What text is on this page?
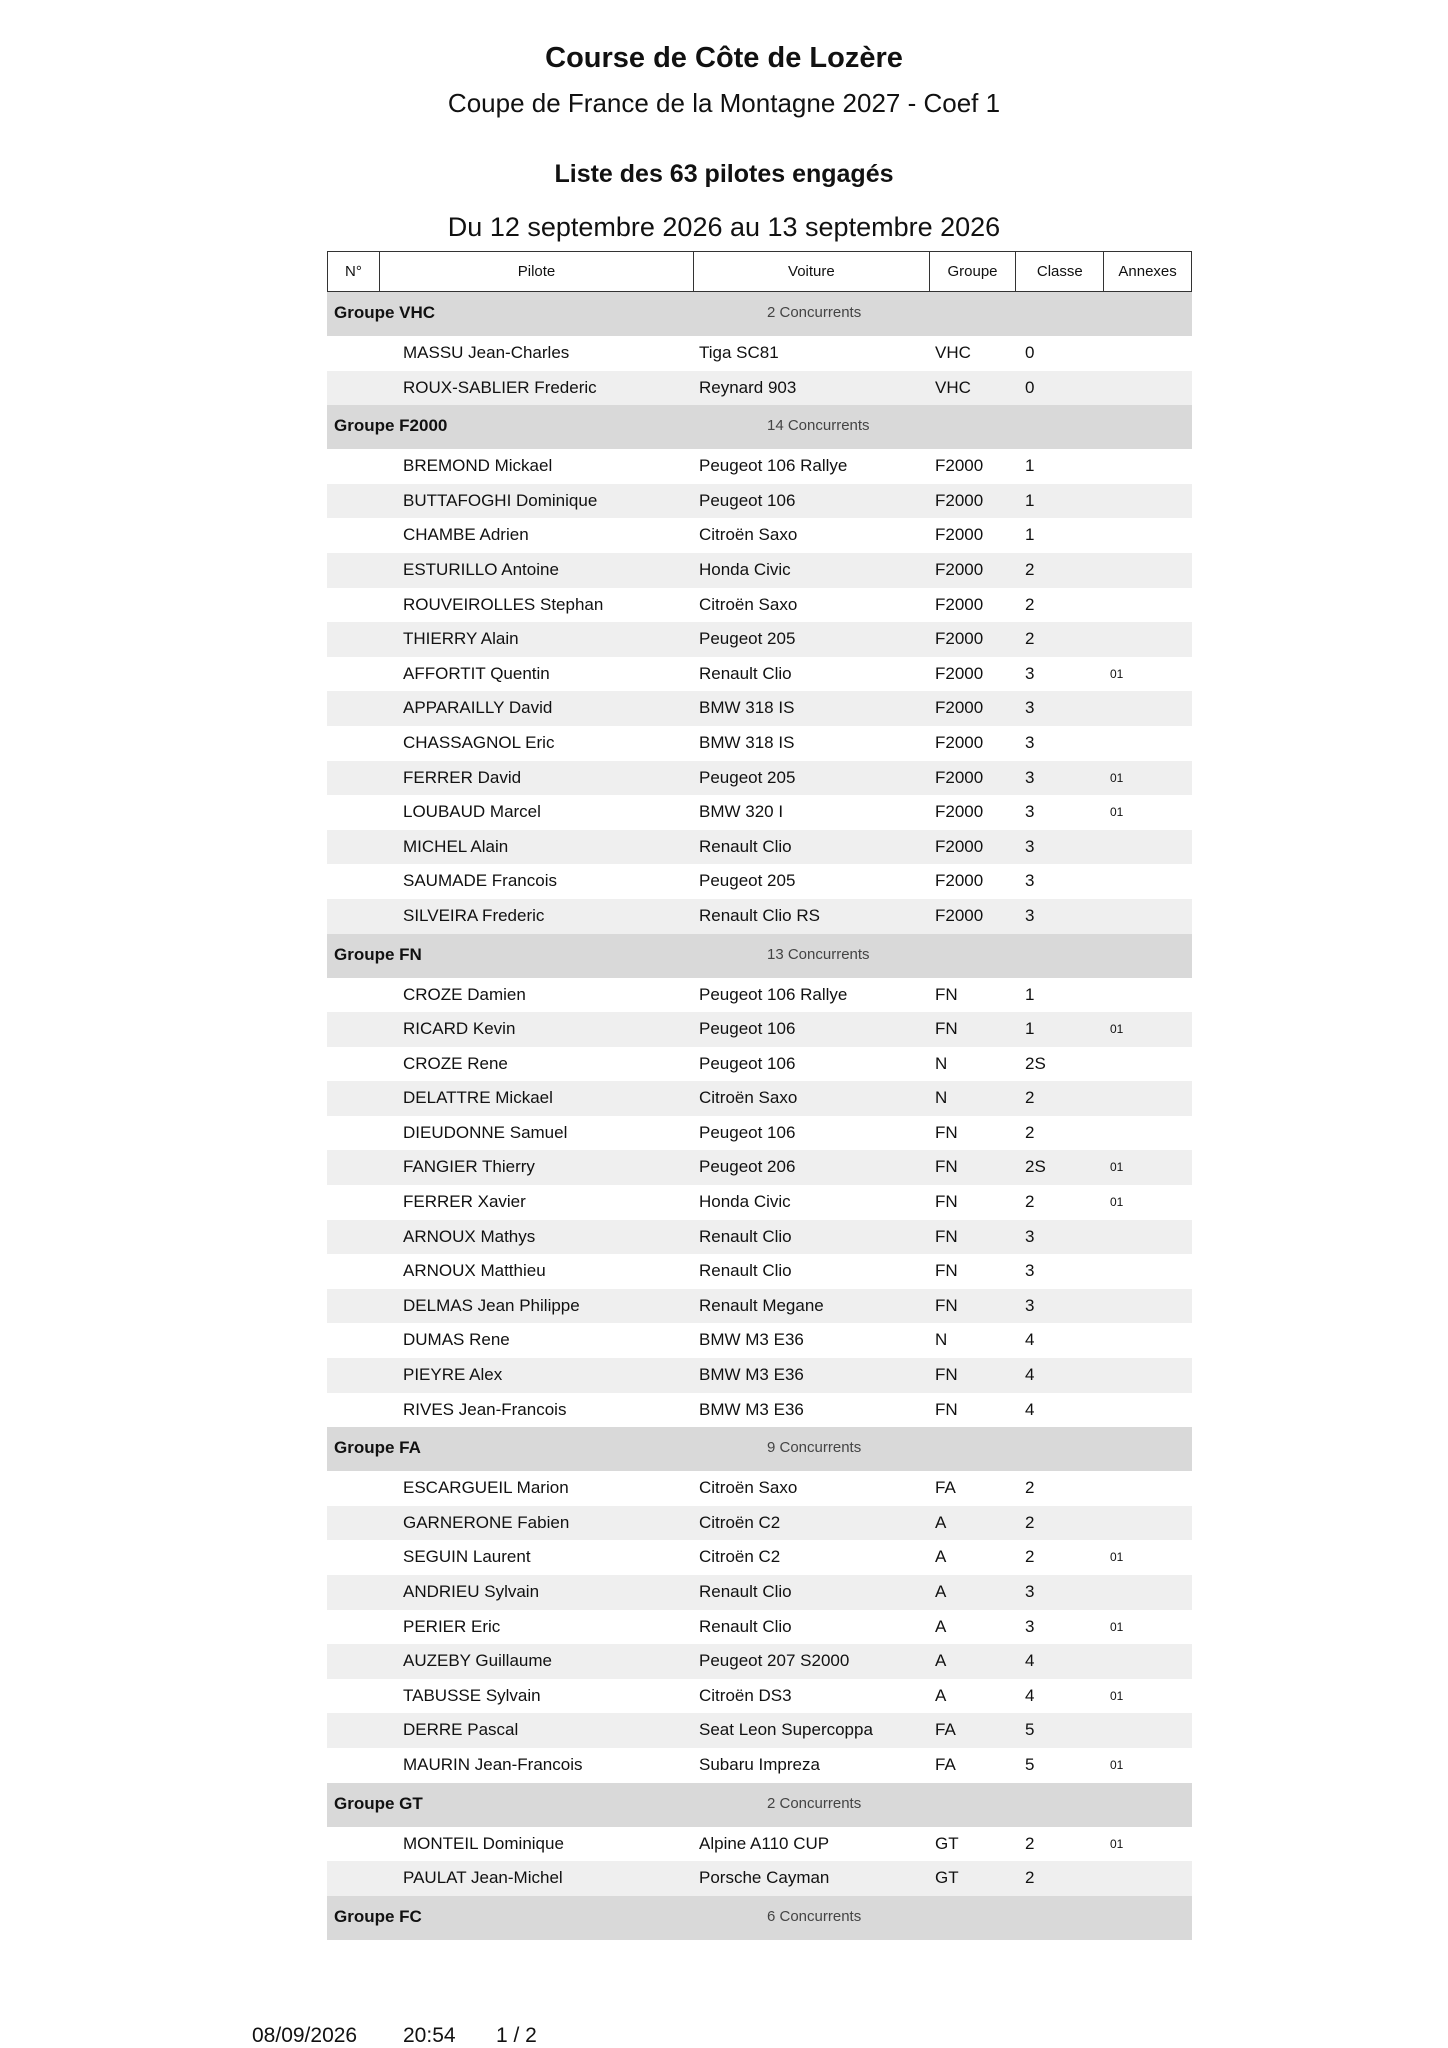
Course de Côte de Lozère
Coupe de France de la Montagne 2027 - Coef 1
Liste des 63 pilotes engagés
Du 12 septembre 2026 au 13 septembre 2026
N°	Pilote	Voiture	Groupe	Classe	Annexes
Groupe VHC	2 Concurrents
MASSU Jean-Charles	Tiga SC81	VHC	0
ROUX-SABLIER Frederic	Reynard 903	VHC	0
Groupe F2000	14 Concurrents
BREMOND Mickael	Peugeot 106 Rallye	F2000 1
BUTTAFOGHI Dominique	Peugeot 106	F2000 1
CHAMBE Adrien	Citroën Saxo	F2000 1
ESTURILLO Antoine	Honda Civic	F2000 2
ROUVEIROLLES Stephan	Citroën Saxo	F2000 2
THIERRY Alain	Peugeot 205	F2000 2
AFFORTIT Quentin	Renault Clio	F2000 3	01
APPARAILLY David	BMW 318 IS	F2000 3
CHASSAGNOL Eric	BMW 318 IS	F2000 3
FERRER David	Peugeot 205	F2000 3	01
LOUBAUD Marcel	BMW 320 I	F2000 3	01
MICHEL Alain	Renault Clio	F2000 3
SAUMADE Francois	Peugeot 205	F2000 3
SILVEIRA Frederic	Renault Clio RS	F2000 3
Groupe FN	13 Concurrents
CROZE Damien	Peugeot 106 Rallye	FN	1
RICARD Kevin	Peugeot 106	FN	1	01
CROZE Rene	Peugeot 106	N	2S
DELATTRE Mickael	Citroën Saxo	N	2
DIEUDONNE Samuel	Peugeot 106	FN	2
FANGIER Thierry	Peugeot 206	FN	2S	01
FERRER Xavier	Honda Civic	FN	2	01
ARNOUX Mathys	Renault Clio	FN	3
ARNOUX Matthieu	Renault Clio	FN	3
DELMAS Jean Philippe	Renault Megane	FN	3
DUMAS Rene	BMW M3 E36	N	4
PIEYRE Alex	BMW M3 E36	FN	4
RIVES Jean-Francois	BMW M3 E36	FN	4
Groupe FA	9 Concurrents
ESCARGUEIL Marion	Citroën Saxo	FA	2
GARNERONE Fabien	Citroën C2	A	2
SEGUIN Laurent	Citroën C2	A	2	01
ANDRIEU Sylvain	Renault Clio	A	3
PERIER Eric	Renault Clio	A	3	01
AUZEBY Guillaume	Peugeot 207 S2000	A	4
TABUSSE Sylvain	Citroën DS3	A	4	01
DERRE Pascal	Seat Leon Supercoppa	FA	5
MAURIN Jean-Francois	Subaru Impreza	FA	5	01
Groupe GT	2 Concurrents
MONTEIL Dominique	Alpine A110 CUP	GT	2	01
PAULAT Jean-Michel	Porsche Cayman	GT	2
Groupe FC	6 Concurrents
08/09/2026 20:54 1 / 2
